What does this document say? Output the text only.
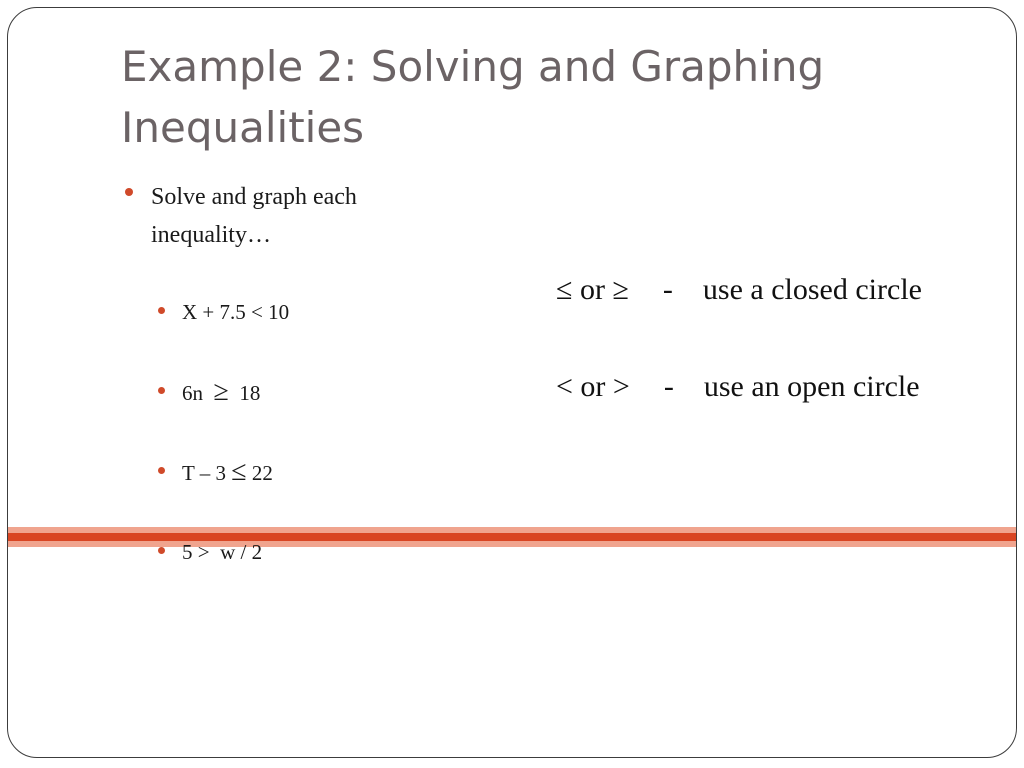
Example 2: Solving and Graphing Inequalities
Solve and graph each inequality…
X + 7.5 < 10
6n ≥ 18
T – 3 ≤ 22
5 >  w / 2
≤ or ≥ - use a closed circle
< or > - use an open circle
